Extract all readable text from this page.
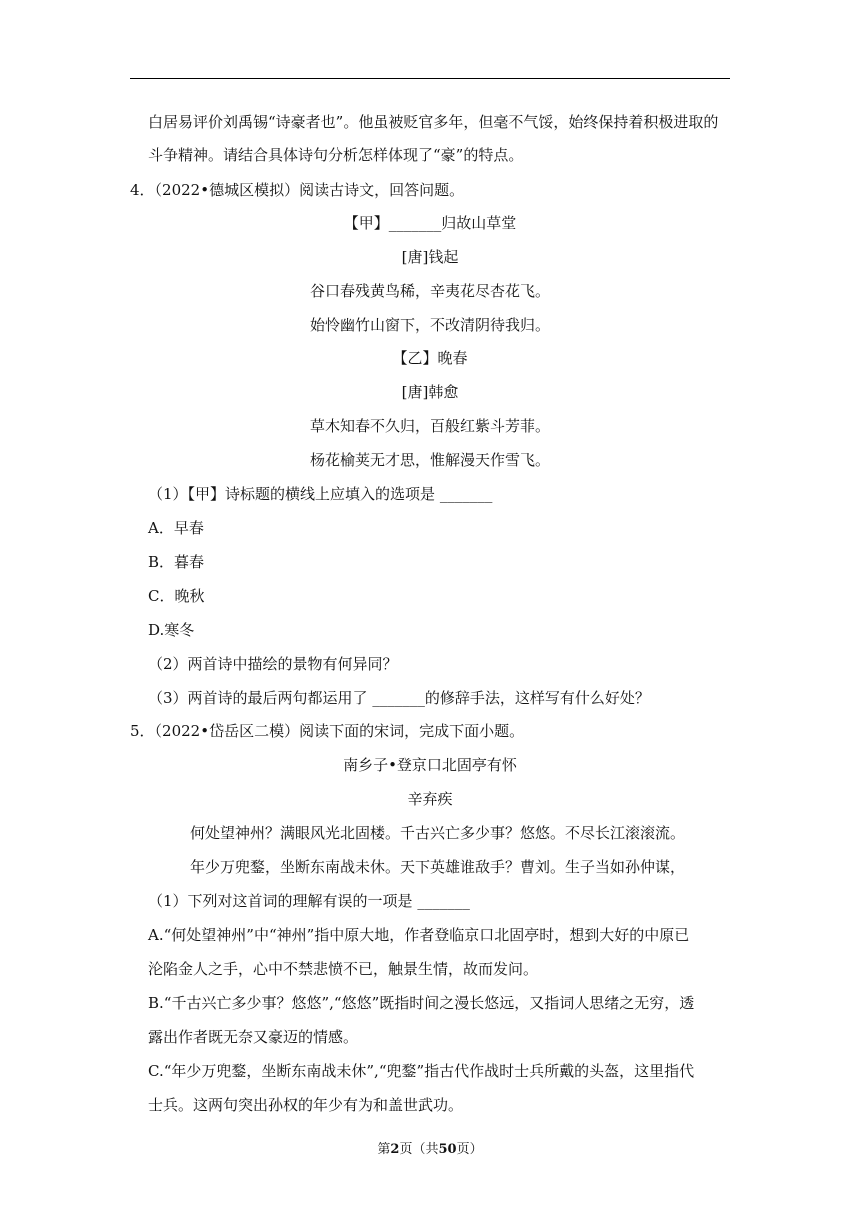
白居易评价刘禹锡“诗豪者也”。他虽被贬官多年，但毫不气馁，始终保持着积极进取的
斗争精神。请结合具体诗句分析怎样体现了“豪”的特点。
4．（2022•德城区模拟）阅读古诗文，回答问题。
【甲】_______归故山草堂
[唐]钱起
谷口春残黄鸟稀，辛夷花尽杏花飞。
始怜幽竹山窗下，不改清阴待我归。
【乙】晚春
[唐]韩愈
草木知春不久归，百般红紫斗芳菲。
杨花榆荚无才思，惟解漫天作雪飞。
（1）【甲】诗标题的横线上应填入的选项是 _______
A．早春
B．暮春
C．晚秋
D.寒冬
（2）两首诗中描绘的景物有何异同？
（3）两首诗的最后两句都运用了 _______的修辞手法，这样写有什么好处？
5．（2022•岱岳区二模）阅读下面的宋词，完成下面小题。
南乡子•登京口北固亭有怀
辛弃疾
何处望神州？满眼风光北固楼。千古兴亡多少事？悠悠。不尽长江滚滚流。
年少万兜鍪，坐断东南战未休。天下英雄谁敌手？曹刘。生子当如孙仲谋，
（1）下列对这首词的理解有误的一项是 _______
A.“何处望神州”中“神州”指中原大地，作者登临京口北固亭时，想到大好的中原已
沦陷金人之手，心中不禁悲愤不已，触景生情，故而发问。
B.“千古兴亡多少事？悠悠”,“悠悠”既指时间之漫长悠远，又指词人思绪之无穷，透
露出作者既无奈又豪迈的情感。
C.“年少万兜鍪，坐断东南战未休”,“兜鍪”指古代作战时士兵所戴的头盔，这里指代
士兵。这两句突出孙权的年少有为和盖世武功。
第2页（共50页）
